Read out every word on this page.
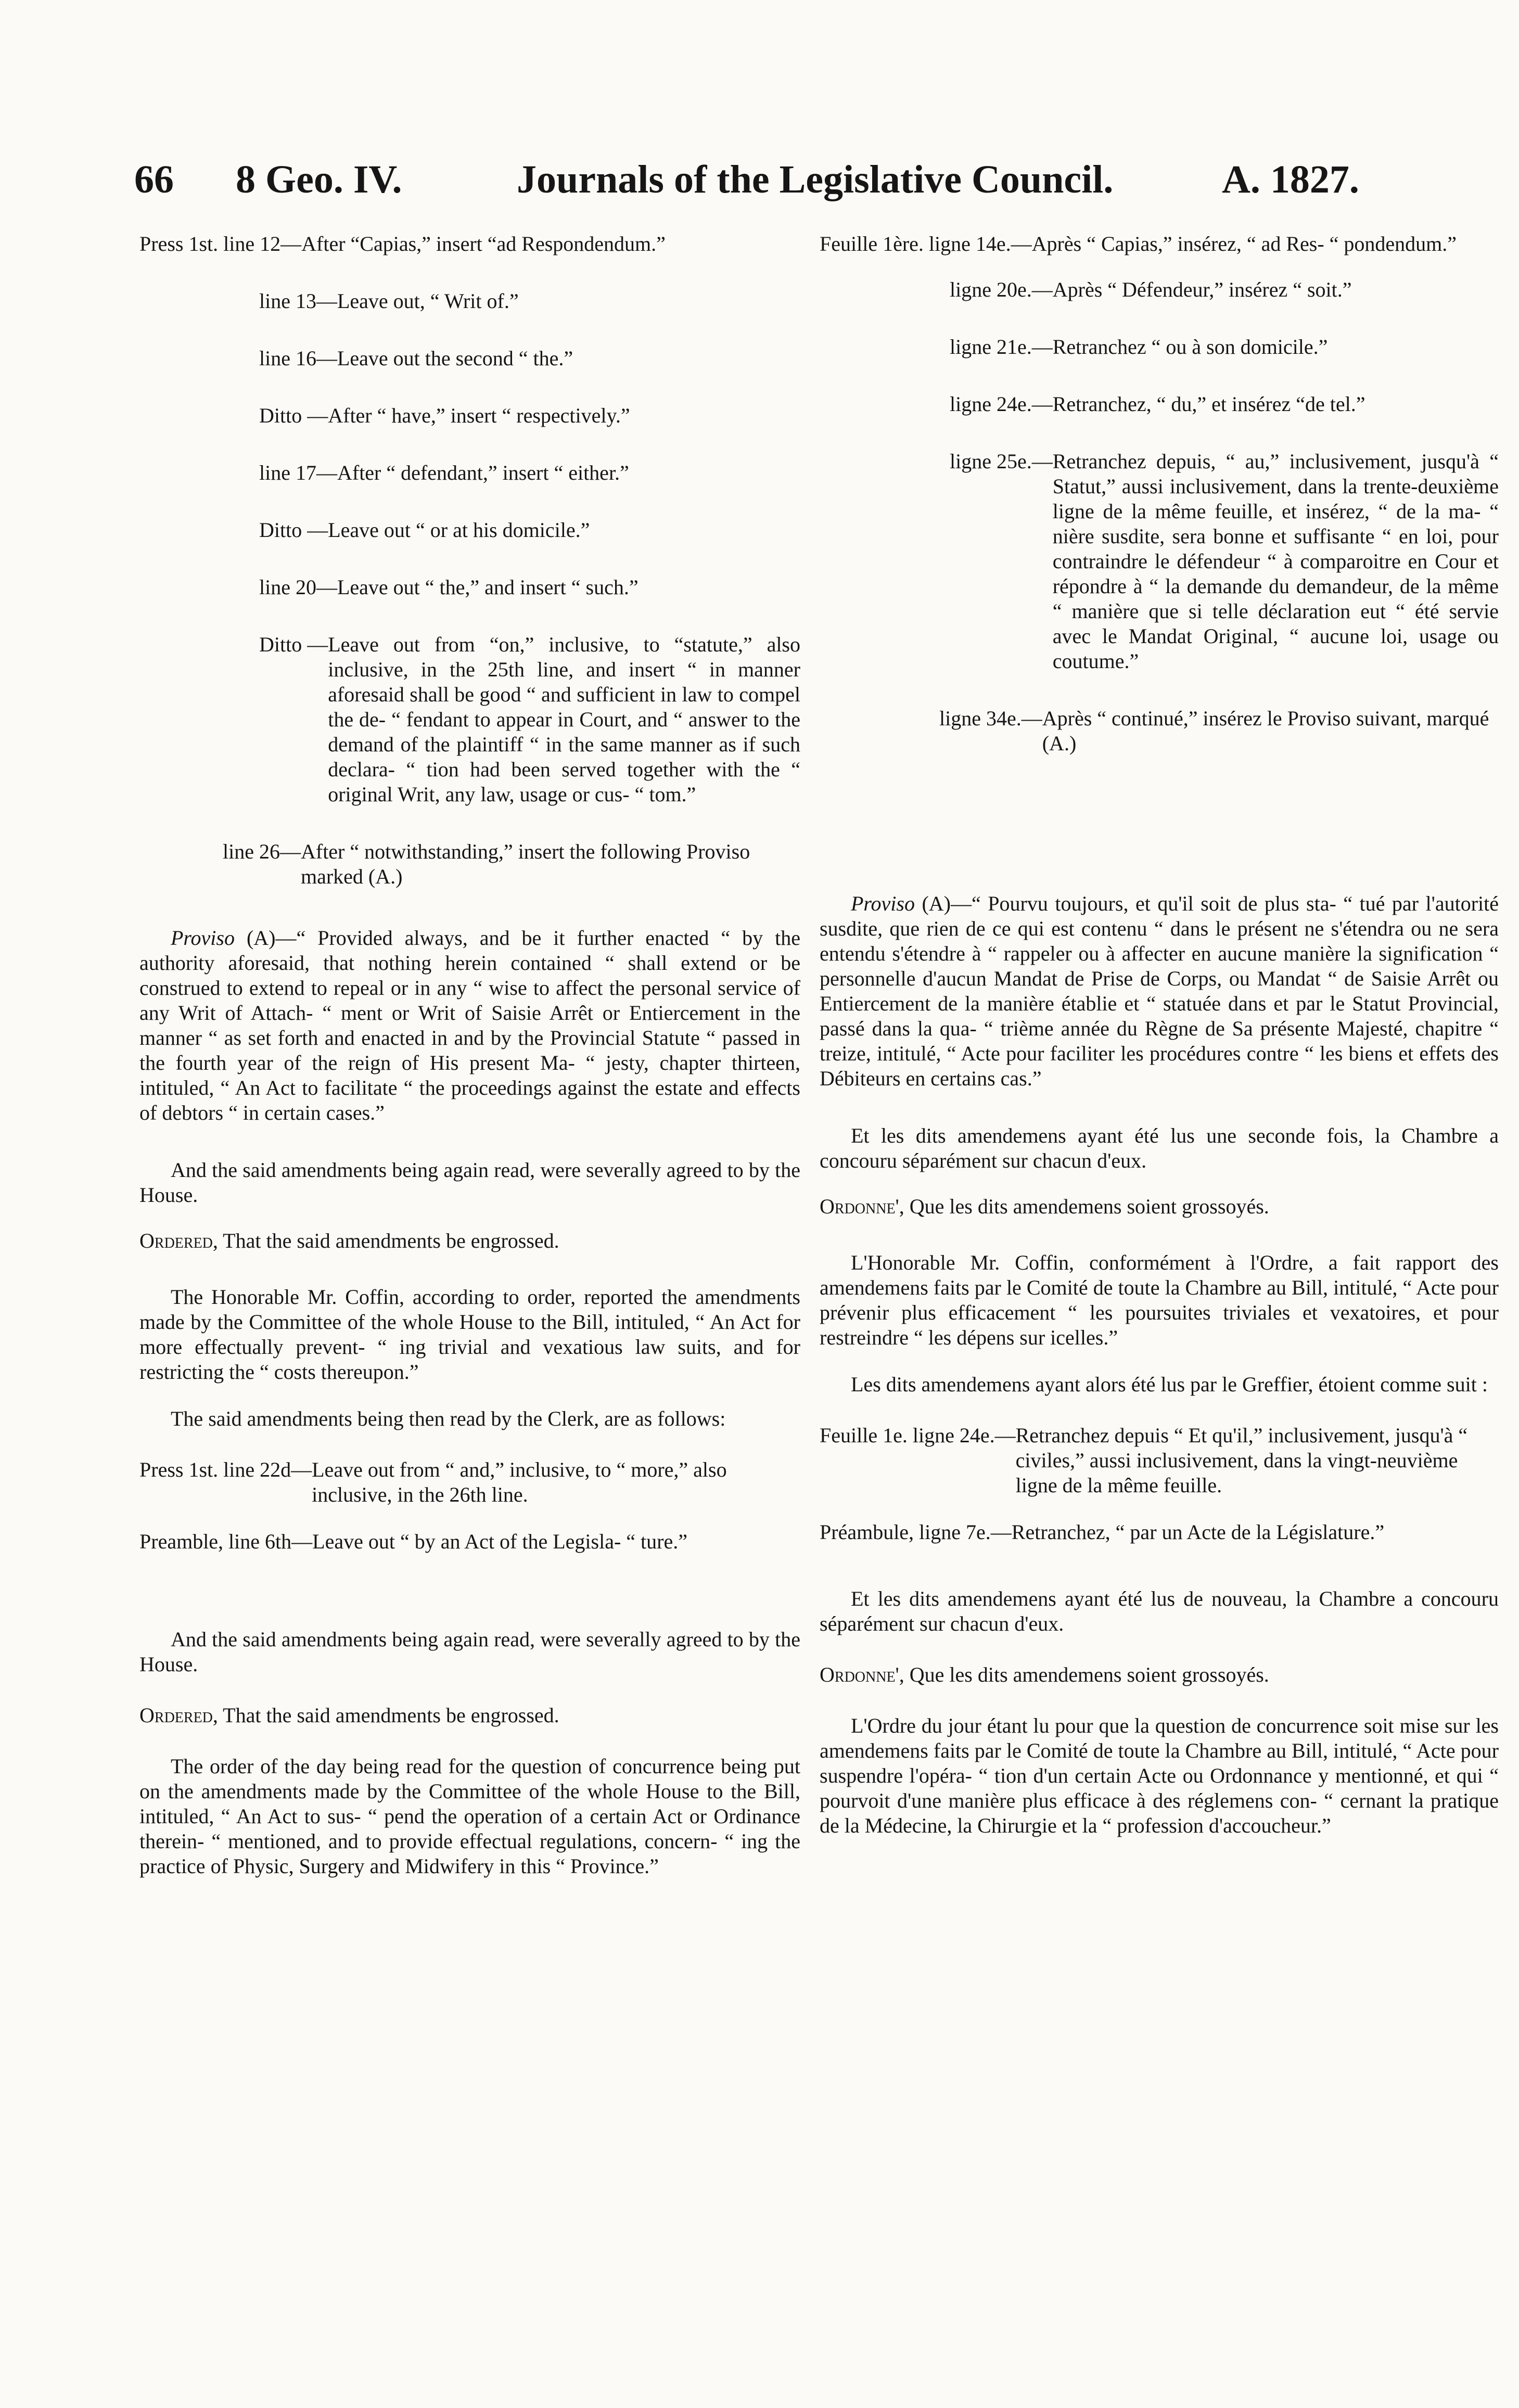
66 8 Geo. IV.	Journals of the Legislative Council.	A. 1827.
Press 1st. line 12— After “Capias,” insert “ad Respondendum.”
line 13— Leave out, “ Writ of.”
line 16— Leave out the second “ the.”
Ditto — After “ have,” insert “ respectively.”
line 17— After “ defendant,” insert “ either.”
Ditto — Leave out “ or at his domicile.”
line 20— Leave out “ the,” and insert “ such.”
Ditto — Leave out from “on,” inclusive, to “statute,” also inclusive, in the 25th line, and insert “ in manner aforesaid shall be good “ and sufficient in law to compel the de- “ fendant to appear in Court, and “ answer to the demand of the plaintiff “ in the same manner as if such declara- “ tion had been served together with the “ original Writ, any law, usage or cus- “ tom.”
line 26— After “ notwithstanding,” insert the following Proviso marked (A.)

Proviso (A)—“ Provided always, and be it further enacted “ by the authority aforesaid, that nothing herein contained “ shall extend or be construed to extend to repeal or in any “ wise to affect the personal service of any Writ of Attach- “ ment or Writ of Saisie Arrêt or Entiercement in the manner “ as set forth and enacted in and by the Provincial Statute “ passed in the fourth year of the reign of His present Ma- “ jesty, chapter thirteen, intituled, “ An Act to facilitate “ the proceedings against the estate and effects of debtors “ in certain cases.”

And the said amendments being again read, were severally agreed to by the House.

Ordered, That the said amendments be engrossed.

The Honorable Mr. Coffin, according to order, reported the amendments made by the Committee of the whole House to the Bill, intituled, “ An Act for more effectually prevent- “ ing trivial and vexatious law suits, and for restricting the “ costs thereupon.”

The said amendments being then read by the Clerk, are as follows:

Press 1st. line 22d— Leave out from “ and,” inclusive, to “ more,” also inclusive, in the 26th line.
Preamble, line 6th— Leave out “ by an Act of the Legisla- “ ture.”

And the said amendments being again read, were severally agreed to by the House.

Ordered, That the said amendments be engrossed.

The order of the day being read for the question of concurrence being put on the amendments made by the Committee of the whole House to the Bill, intituled, “ An Act to sus- “ pend the operation of a certain Act or Ordinance therein- “ mentioned, and to provide effectual regulations, concern- “ ing the practice of Physic, Surgery and Midwifery in this “ Province.”

Feuille 1ère. ligne 14e.— Après “ Capias,” insérez, “ ad Res- “ pondendum.”
ligne 20e.— Après “ Défendeur,” insérez “ soit.”
ligne 21e.— Retranchez “ ou à son domicile.”
ligne 24e.— Retranchez, “ du,” et insérez “de tel.”
ligne 25e.— Retranchez depuis, “ au,” inclusivement, jusqu'à “ Statut,” aussi inclusivement, dans la trente-deuxième ligne de la même feuille, et insérez, “ de la ma- “ nière susdite, sera bonne et suffisante “ en loi, pour contraindre le défendeur “ à comparoitre en Cour et répondre à “ la demande du demandeur, de la même “ manière que si telle déclaration eut “ été servie avec le Mandat Original, “ aucune loi, usage ou coutume.”
ligne 34e.— Après “ continué,” insérez le Proviso suivant, marqué (A.)

Proviso (A)—“ Pourvu toujours, et qu'il soit de plus sta- “ tué par l'autorité susdite, que rien de ce qui est contenu “ dans le présent ne s'étendra ou ne sera entendu s'étendre à “ rappeler ou à affecter en aucune manière la signification “ personnelle d'aucun Mandat de Prise de Corps, ou Mandat “ de Saisie Arrêt ou Entiercement de la manière établie et “ statuée dans et par le Statut Provincial, passé dans la qua- “ trième année du Règne de Sa présente Majesté, chapitre “ treize, intitulé, “ Acte pour faciliter les procédures contre “ les biens et effets des Débiteurs en certains cas.”

Et les dits amendemens ayant été lus une seconde fois, la Chambre a concouru séparément sur chacun d'eux.

Ordonne', Que les dits amendemens soient grossoyés.

L'Honorable Mr. Coffin, conformément à l'Ordre, a fait rapport des amendemens faits par le Comité de toute la Chambre au Bill, intitulé, “ Acte pour prévenir plus efficacement “ les poursuites triviales et vexatoires, et pour restreindre “ les dépens sur icelles.”

Les dits amendemens ayant alors été lus par le Greffier, étoient comme suit :

Feuille 1e. ligne 24e.— Retranchez depuis “ Et qu'il,” inclusivement, jusqu'à “ civiles,” aussi inclusivement, dans la vingt-neuvième ligne de la même feuille.
Préambule, ligne 7e.— Retranchez, “ par un Acte de la Législature.”

Et les dits amendemens ayant été lus de nouveau, la Chambre a concouru séparément sur chacun d'eux.

Ordonne', Que les dits amendemens soient grossoyés.

L'Ordre du jour étant lu pour que la question de concurrence soit mise sur les amendemens faits par le Comité de toute la Chambre au Bill, intitulé, “ Acte pour suspendre l'opéra- “ tion d'un certain Acte ou Ordonnance y mentionné, et qui “ pourvoit d'une manière plus efficace à des réglemens con- “ cernant la pratique de la Médecine, la Chirurgie et la “ profession d'accoucheur.”
